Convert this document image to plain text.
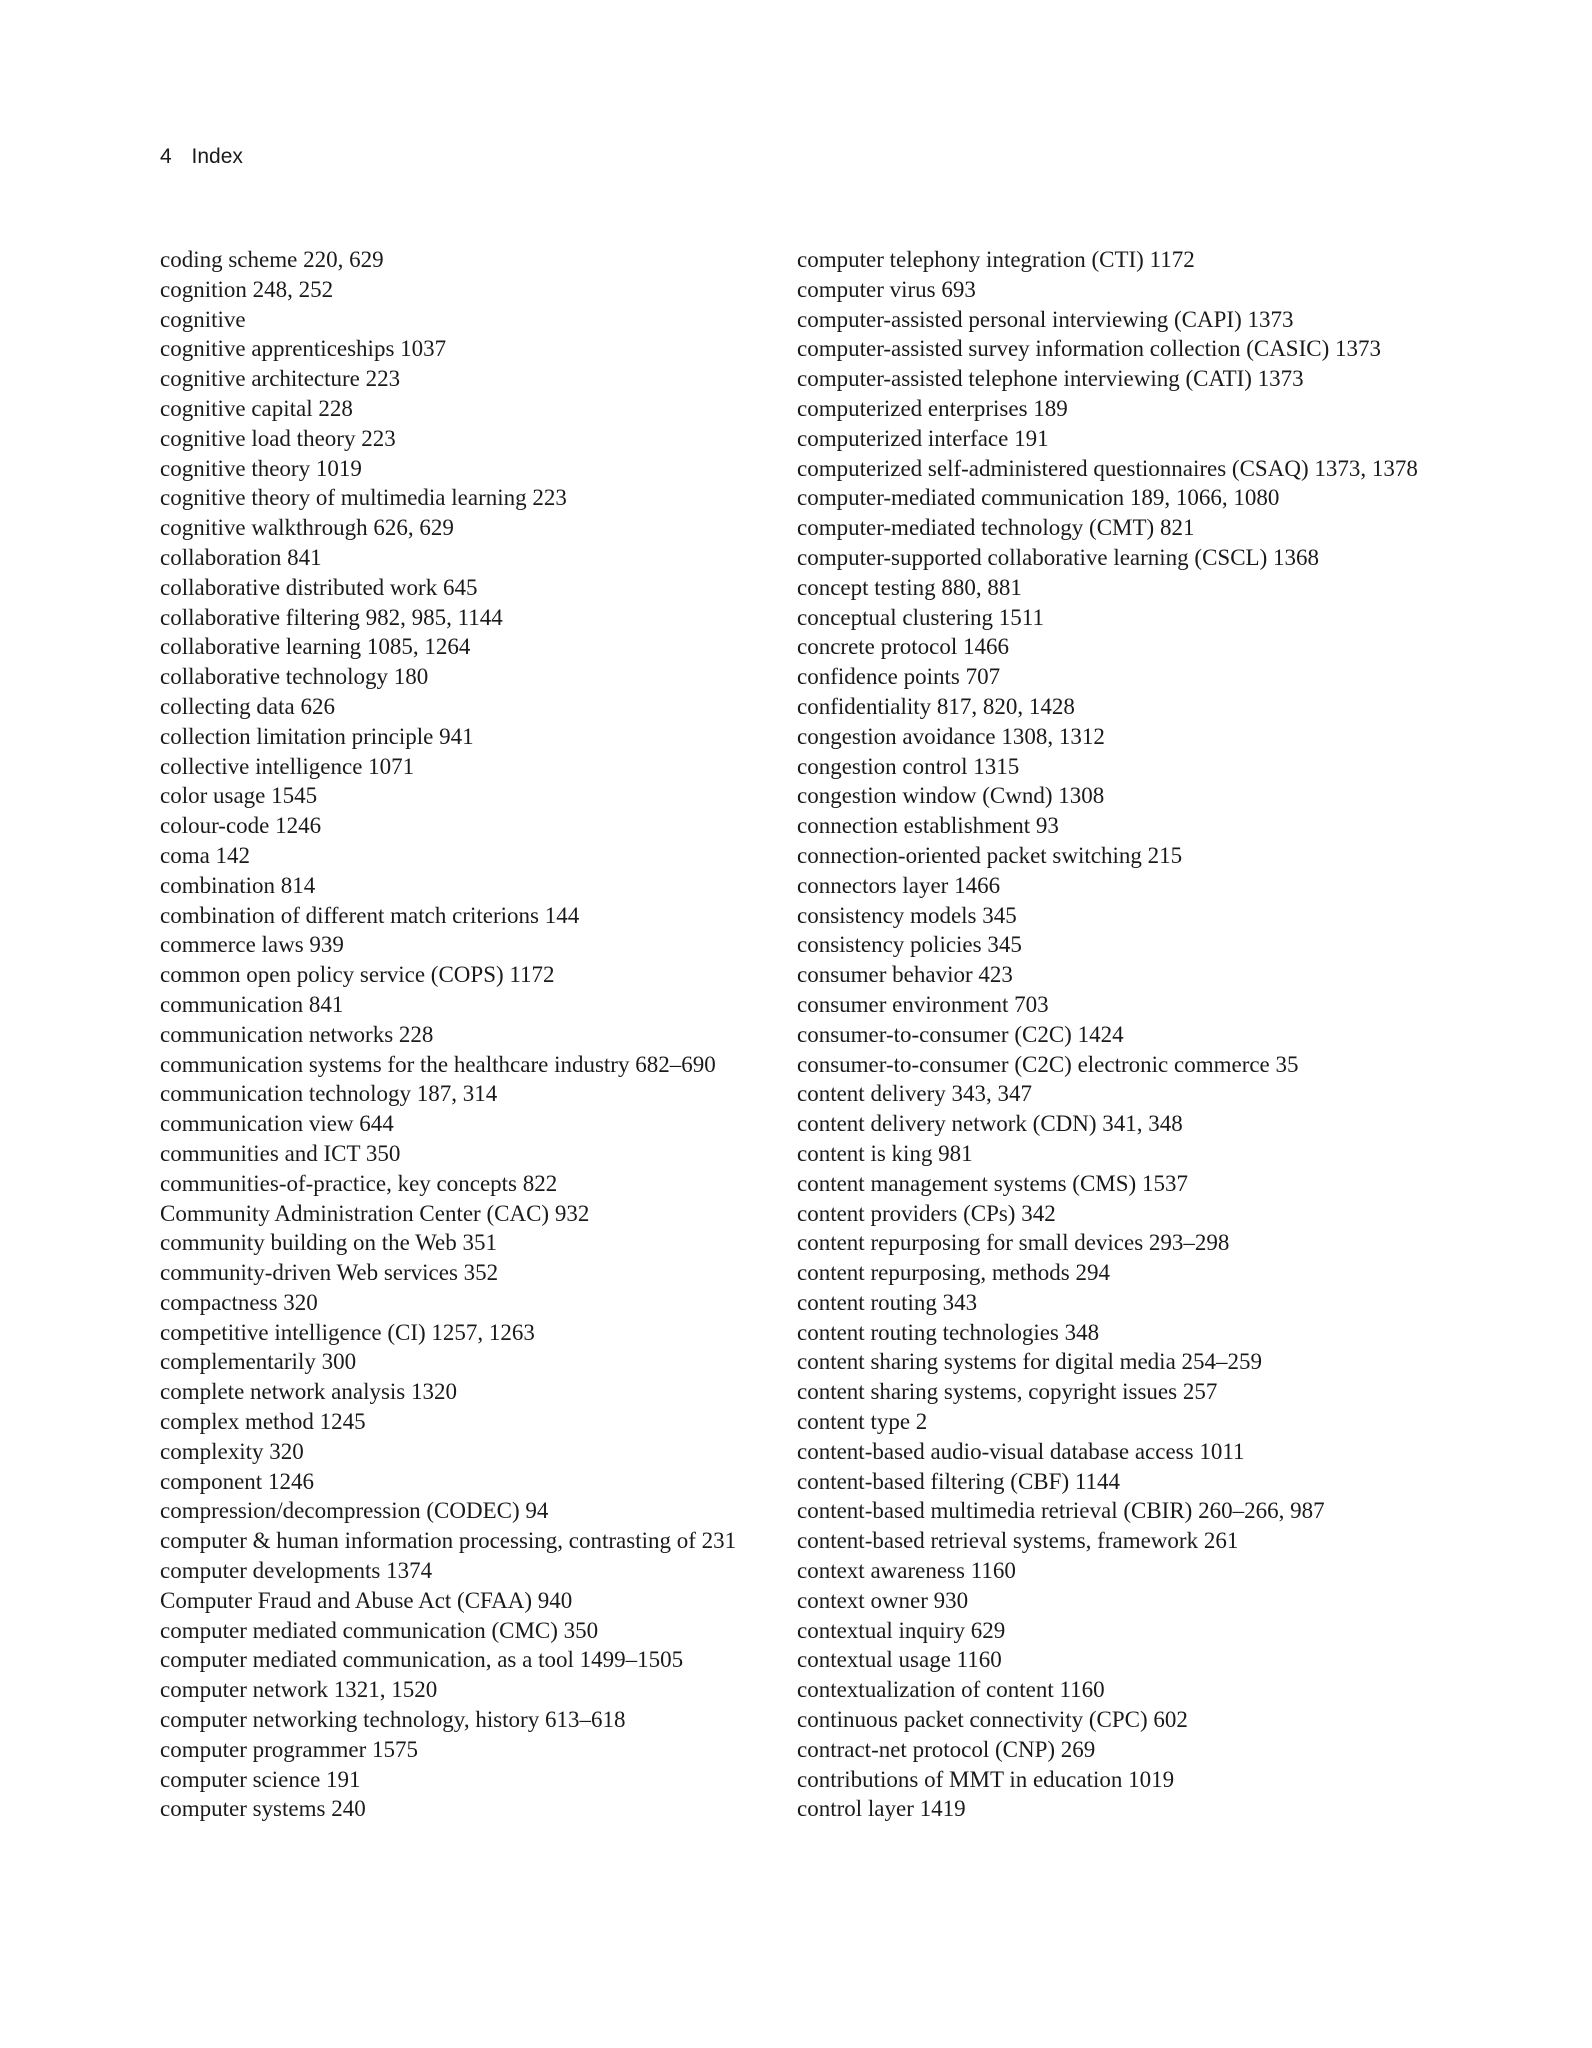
4 Index
coding scheme 220, 629
cognition 248, 252
cognitive
cognitive apprenticeships 1037
cognitive architecture 223
cognitive capital 228
cognitive load theory 223
cognitive theory 1019
cognitive theory of multimedia learning 223
cognitive walkthrough 626, 629
collaboration 841
collaborative distributed work 645
collaborative filtering 982, 985, 1144
collaborative learning 1085, 1264
collaborative technology 180
collecting data 626
collection limitation principle 941
collective intelligence 1071
color usage 1545
colour-code 1246
coma 142
combination 814
combination of different match criterions 144
commerce laws 939
common open policy service (COPS) 1172
communication 841
communication networks 228
communication systems for the healthcare industry 682–690
communication technology 187, 314
communication view 644
communities and ICT 350
communities-of-practice, key concepts 822
Community Administration Center (CAC) 932
community building on the Web 351
community-driven Web services 352
compactness 320
competitive intelligence (CI) 1257, 1263
complementarily 300
complete network analysis 1320
complex method 1245
complexity 320
component 1246
compression/decompression (CODEC) 94
computer & human information processing, contrasting of 231
computer developments 1374
Computer Fraud and Abuse Act (CFAA) 940
computer mediated communication (CMC) 350
computer mediated communication, as a tool 1499–1505
computer network 1321, 1520
computer networking technology, history 613–618
computer programmer 1575
computer science 191
computer systems 240
computer telephony integration (CTI) 1172
computer virus 693
computer-assisted personal interviewing (CAPI) 1373
computer-assisted survey information collection (CASIC) 1373
computer-assisted telephone interviewing (CATI) 1373
computerized enterprises 189
computerized interface 191
computerized self-administered questionnaires (CSAQ) 1373, 1378
computer-mediated communication 189, 1066, 1080
computer-mediated technology (CMT) 821
computer-supported collaborative learning (CSCL) 1368
concept testing 880, 881
conceptual clustering 1511
concrete protocol 1466
confidence points 707
confidentiality 817, 820, 1428
congestion avoidance 1308, 1312
congestion control 1315
congestion window (Cwnd) 1308
connection establishment 93
connection-oriented packet switching 215
connectors layer 1466
consistency models 345
consistency policies 345
consumer behavior 423
consumer environment 703
consumer-to-consumer (C2C) 1424
consumer-to-consumer (C2C) electronic commerce 35
content delivery 343, 347
content delivery network (CDN) 341, 348
content is king 981
content management systems (CMS) 1537
content providers (CPs) 342
content repurposing for small devices 293–298
content repurposing, methods 294
content routing 343
content routing technologies 348
content sharing systems for digital media 254–259
content sharing systems, copyright issues 257
content type 2
content-based audio-visual database access 1011
content-based filtering (CBF) 1144
content-based multimedia retrieval (CBIR) 260–266, 987
content-based retrieval systems, framework 261
context awareness 1160
context owner 930
contextual inquiry 629
contextual usage 1160
contextualization of content 1160
continuous packet connectivity (CPC) 602
contract-net protocol (CNP) 269
contributions of MMT in education 1019
control layer 1419
